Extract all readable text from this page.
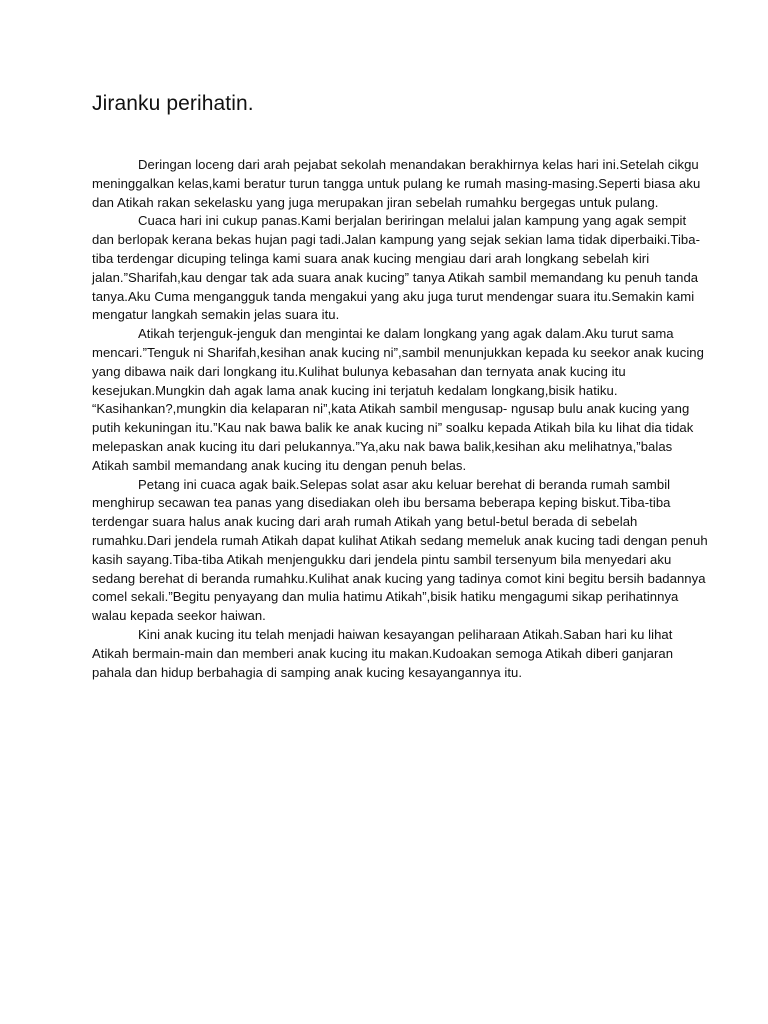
Jiranku perihatin.

Deringan loceng dari arah pejabat sekolah menandakan berakhirnya kelas hari ini.Setelah cikgu meninggalkan kelas,kami beratur turun tangga untuk pulang ke rumah masing-masing.Seperti biasa aku dan Atikah rakan sekelasku yang juga merupakan jiran sebelah rumahku bergegas untuk pulang.

Cuaca hari ini cukup panas.Kami berjalan beriringan melalui jalan kampung yang agak sempit dan berlopak kerana bekas hujan pagi tadi.Jalan kampung yang sejak sekian lama tidak diperbaiki.Tiba-tiba terdengar dicuping telinga kami suara anak kucing mengiau dari arah longkang sebelah kiri jalan.”Sharifah,kau dengar tak ada suara anak kucing” tanya Atikah sambil memandang ku penuh tanda tanya.Aku Cuma mengangguk tanda mengakui yang aku juga turut mendengar suara itu.Semakin kami mengatur langkah semakin jelas suara itu.

Atikah terjenguk-jenguk dan mengintai ke dalam longkang yang agak dalam.Aku turut sama mencari.”Tenguk ni Sharifah,kesihan anak kucing ni”,sambil menunjukkan kepada ku seekor anak kucing yang dibawa naik dari longkang itu.Kulihat bulunya kebasahan dan ternyata anak kucing itu kesejukan.Mungkin dah agak lama anak kucing ini terjatuh kedalam longkang,bisik hatiku.

“Kasihankan?,mungkin dia kelaparan ni”,kata Atikah sambil mengusap- ngusap bulu anak kucing yang putih kekuningan itu.”Kau nak bawa balik ke anak kucing ni” soalku kepada Atikah bila ku lihat dia tidak melepaskan anak kucing itu dari pelukannya.”Ya,aku nak bawa balik,kesihan aku melihatnya,”balas Atikah sambil memandang anak kucing itu dengan penuh belas.

Petang ini cuaca agak baik.Selepas solat asar aku keluar berehat di beranda rumah sambil menghirup secawan tea panas yang disediakan oleh ibu bersama beberapa keping biskut.Tiba-tiba terdengar suara halus anak kucing dari arah rumah Atikah yang betul-betul berada di sebelah rumahku.Dari jendela rumah Atikah dapat kulihat Atikah sedang memeluk anak kucing tadi dengan penuh kasih sayang.Tiba-tiba Atikah menjengukku dari jendela pintu sambil tersenyum bila menyedari aku sedang berehat di beranda rumahku.Kulihat anak kucing yang tadinya comot kini begitu bersih badannya comel sekali.”Begitu penyayang dan mulia hatimu Atikah”,bisik hatiku mengagumi sikap perihatinnya walau kepada seekor haiwan.

Kini anak kucing itu telah menjadi haiwan kesayangan peliharaan Atikah.Saban hari ku lihat Atikah bermain-main dan memberi anak kucing itu makan.Kudoakan semoga Atikah diberi ganjaran pahala dan hidup berbahagia di samping anak kucing kesayangannya itu.
